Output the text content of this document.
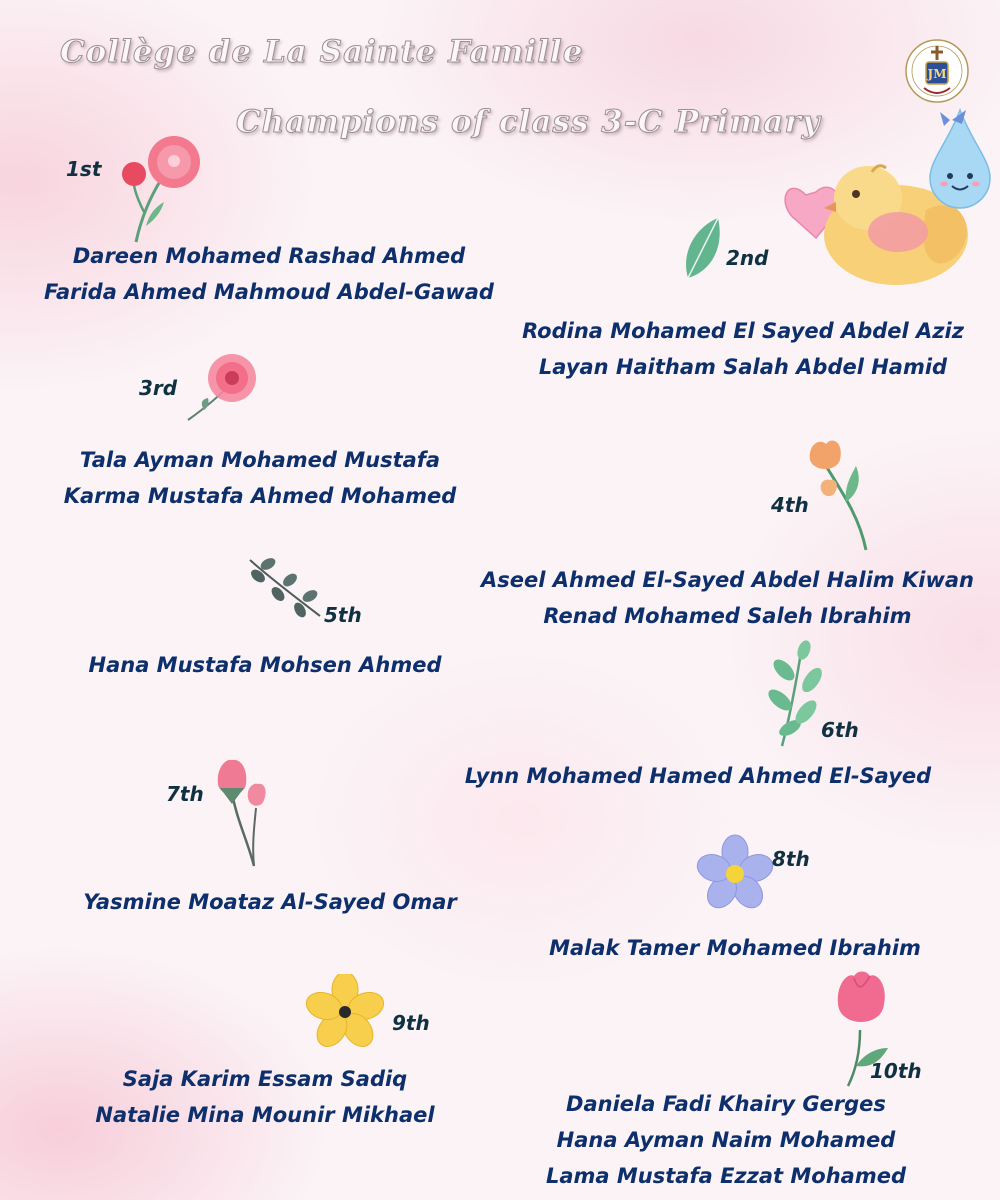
Collège de La Sainte Famille
Champions of class 3-C Primary
JM
1st
Dareen Mohamed Rashad Ahmed
Farida Ahmed Mahmoud Abdel-Gawad
2nd
Rodina Mohamed El Sayed Abdel Aziz
Layan Haitham Salah Abdel Hamid
3rd
Tala Ayman Mohamed Mustafa
Karma Mustafa Ahmed Mohamed	4th
Aseel Ahmed El-Sayed Abdel Halim Kiwan
Renad Mohamed Saleh Ibrahim
5th
Hana Mustafa Mohsen Ahmed
6th
Lynn Mohamed Hamed Ahmed El-Sayed
7th
Yasmine Moataz Al-Sayed Omar
8th
Malak Tamer Mohamed Ibrahim
9th
Saja Karim Essam Sadiq
Natalie Mina Mounir Mikhael
10th
Daniela Fadi Khairy Gerges
Hana Ayman Naim Mohamed
Lama Mustafa Ezzat Mohamed
